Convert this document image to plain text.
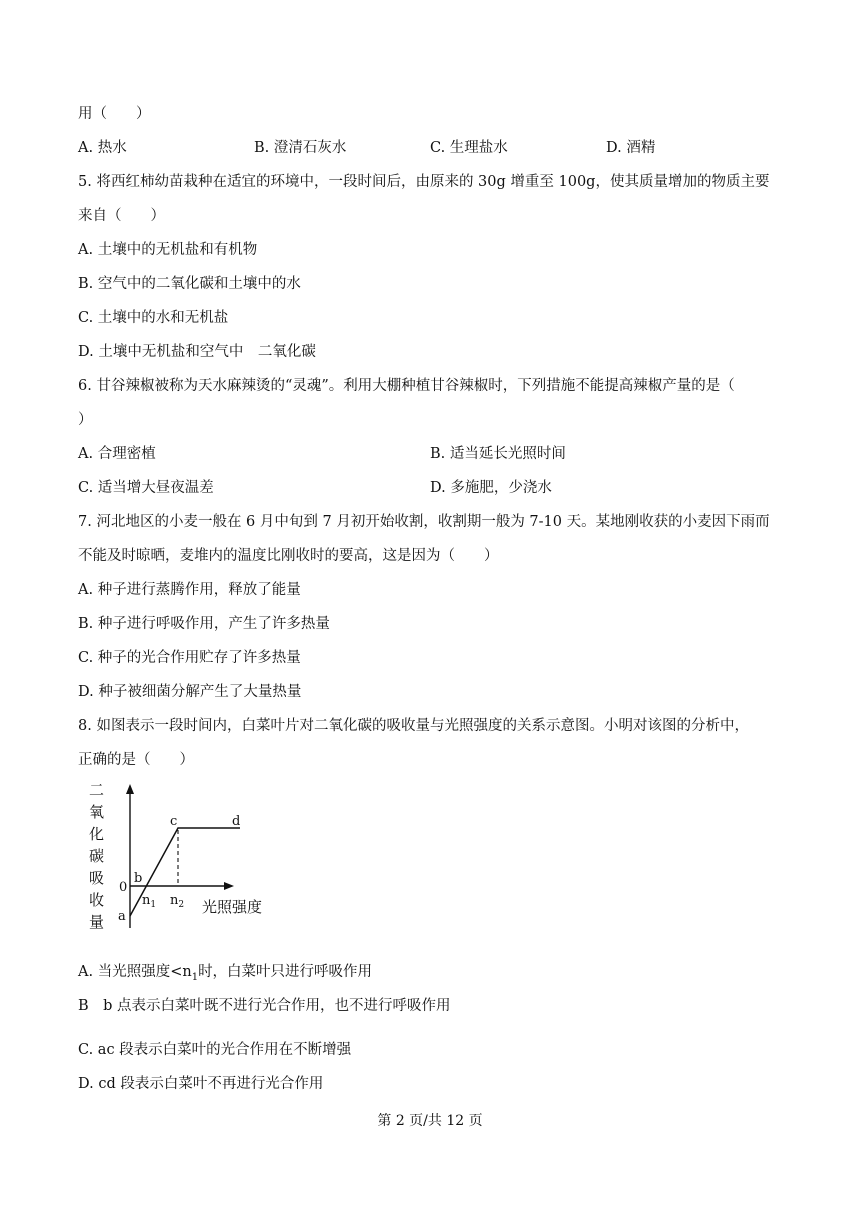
用（　　）
A. 热水	B. 澄清石灰水	C. 生理盐水	D. 酒精
5. 将西红柿幼苗栽种在适宜的环境中，一段时间后，由原来的 30g 增重至 100g，使其质量增加的物质主要
来自（　　）
A. 土壤中的无机盐和有机物
B. 空气中的二氧化碳和土壤中的水
C. 土壤中的水和无机盐
D. 土壤中无机盐和空气中　二氧化碳
6. 甘谷辣椒被称为天水麻辣烫的“灵魂”。利用大棚种植甘谷辣椒时，下列措施不能提高辣椒产量的是（
）
A. 合理密植	B. 适当延长光照时间
C. 适当增大昼夜温差	D. 多施肥，少浇水
7. 河北地区的小麦一般在 6 月中旬到 7 月初开始收割，收割期一般为 7-10 天。某地刚收获的小麦因下雨而
不能及时晾晒，麦堆内的温度比刚收时的要高，这是因为（　　）
A. 种子进行蒸腾作用，释放了能量
B. 种子进行呼吸作用，产生了许多热量
C. 种子的光合作用贮存了许多热量
D. 种子被细菌分解产生了大量热量
8. 如图表示一段时间内，白菜叶片对二氧化碳的吸收量与光照强度的关系示意图。小明对该图的分析中，
正确的是（　　）
二
氧
化
碳
吸
收
量
0
b
a
c	d
$n_1$ $n_2$ 光照强度
A. 当光照强度$<n_1$时，白菜叶只进行呼吸作用
B　b 点表示白菜叶既不进行光合作用，也不进行呼吸作用
C. ac 段表示白菜叶的光合作用在不断增强
D. cd 段表示白菜叶不再进行光合作用
第 2 页/共 12 页
